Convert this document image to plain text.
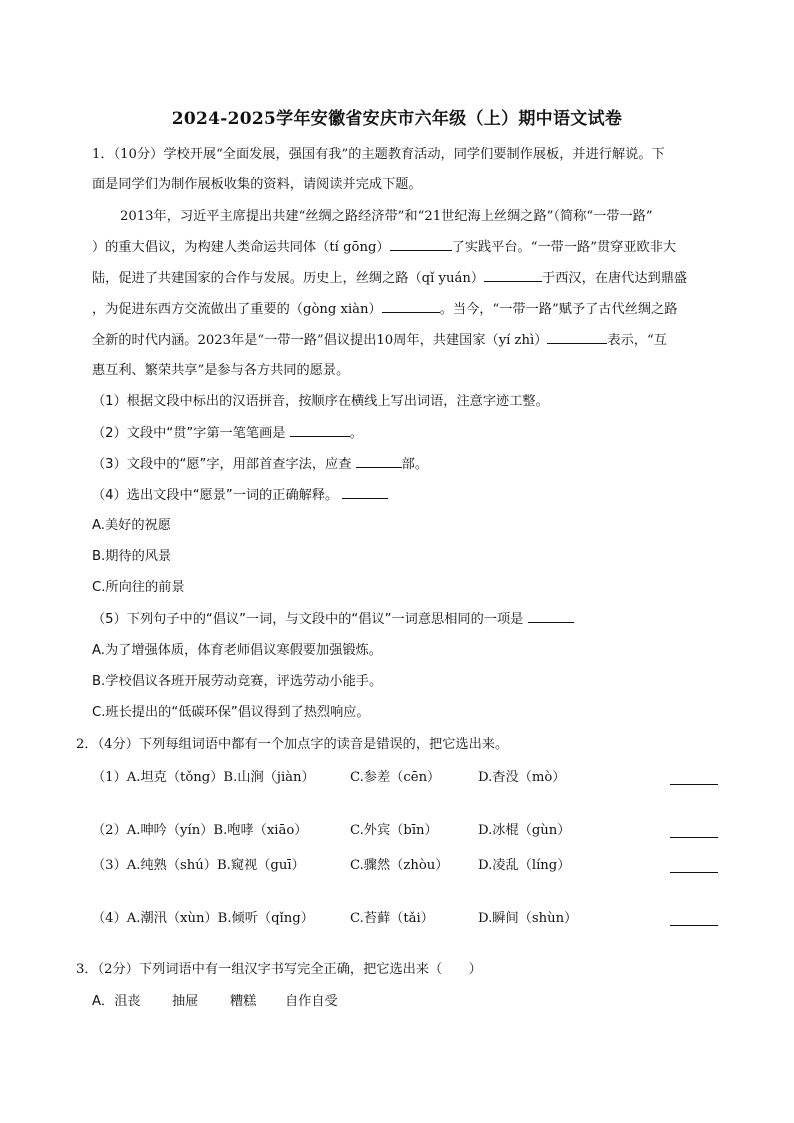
2024-2025学年安徽省安庆市六年级（上）期中语文试卷
1．（10分）学校开展“全面发展，强国有我”的主题教育活动，同学们要制作展板，并进行解说。下
面是同学们为制作展板收集的资料，请阅读并完成下题。
2013年，习近平主席提出共建“丝绸之路经济带”和“21世纪海上丝绸之路”（简称“一带一路”
）的重大倡议，为构建人类命运共同体（tí gōng）	了实践平台。“一带一路”贯穿亚欧非大
陆，促进了共建国家的合作与发展。历史上，丝绸之路（qǐ yuán）	于西汉，在唐代达到鼎盛
，为促进东西方交流做出了重要的（gòng xiàn）	。当今，“一带一路”赋予了古代丝绸之路
全新的时代内涵。2023年是“一带一路”倡议提出10周年，共建国家（yí zhì）	表示，“互
惠互利、繁荣共享”是参与各方共同的愿景。
（1）根据文段中标出的汉语拼音，按顺序在横线上写出词语，注意字迹工整。
（2）文段中“贯”字第一笔笔画是	。
（3）文段中的“愿”字，用部首查字法，应查	部。
（4）选出文段中“愿景”一词的正确解释。
A.美好的祝愿
B.期待的风景
C.所向往的前景
（5）下列句子中的“倡议”一词，与文段中的“倡议”一词意思相同的一项是
A.为了增强体质，体育老师倡议寒假要加强锻炼。
B.学校倡议各班开展劳动竞赛，评选劳动小能手。
C.班长提出的“低碳环保”倡议得到了热烈响应。
2．（4分）下列每组词语中都有一个加点字的读音是错误的，把它选出来。
（1）A.坦克（tǒng）B.山涧（jiàn）	C.参差（cēn）	D.杳没（mò）
（2）A.呻吟（yín）B.咆哮（xiāo）	C.外宾（bīn）	D.冰棍（gùn）
（3）A.纯熟（shú）B.窥视（guī）	C.骤然（zhòu） D.凌乱（líng）
（4）A.潮汛（xùn）B.倾听（qǐng）	C.苔藓（tǎi）	D.瞬间（shùn）
3．（2分）下列词语中有一组汉字书写完全正确，把它选出来（　　）
A．沮丧 抽屉 糟糕 自作自受
